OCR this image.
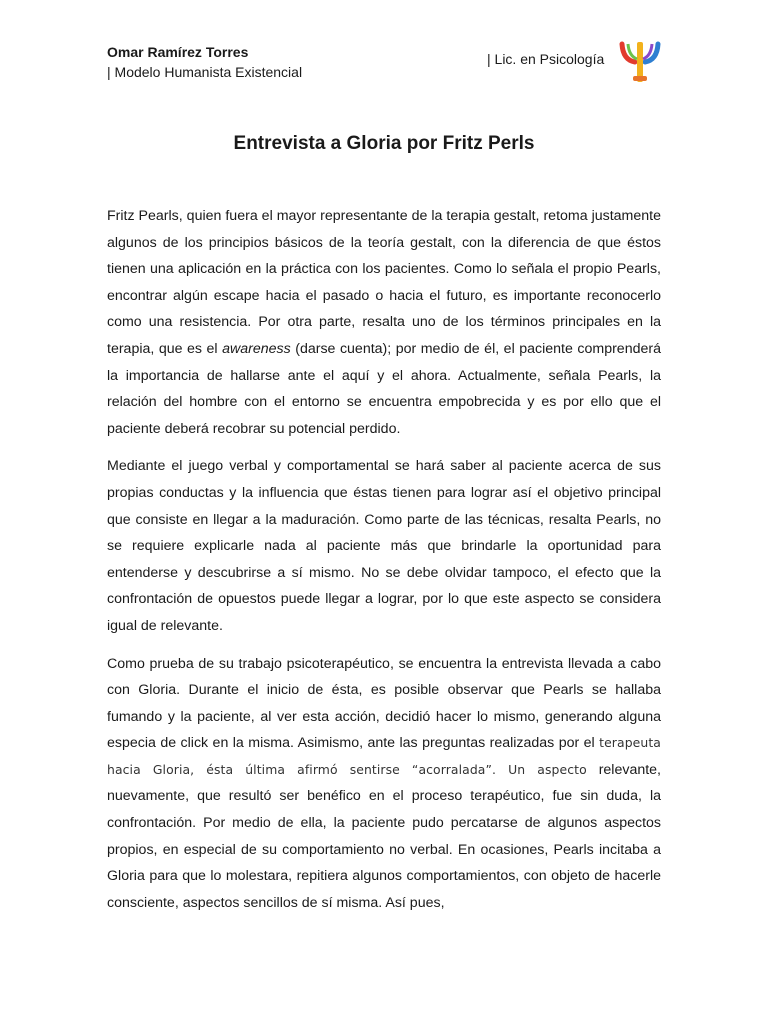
Omar Ramírez Torres
| Modelo Humanista Existencial
| Lic. en Psicología
Entrevista a Gloria por Fritz Perls

Fritz Pearls, quien fuera el mayor representante de la terapia gestalt, retoma justamente algunos de los principios básicos de la teoría gestalt, con la diferencia de que éstos tienen una aplicación en la práctica con los pacientes. Como lo señala el propio Pearls, encontrar algún escape hacia el pasado o hacia el futuro, es importante reconocerlo como una resistencia. Por otra parte, resalta uno de los términos principales en la terapia, que es el awareness (darse cuenta); por medio de él, el paciente comprenderá la importancia de hallarse ante el aquí y el ahora. Actualmente, señala Pearls, la relación del hombre con el entorno se encuentra empobrecida y es por ello que el paciente deberá recobrar su potencial perdido.

Mediante el juego verbal y comportamental se hará saber al paciente acerca de sus propias conductas y la influencia que éstas tienen para lograr así el objetivo principal que consiste en llegar a la maduración. Como parte de las técnicas, resalta Pearls, no se requiere explicarle nada al paciente más que brindarle la oportunidad para entenderse y descubrirse a sí mismo. No se debe olvidar tampoco, el efecto que la confrontación de opuestos puede llegar a lograr, por lo que este aspecto se considera igual de relevante.

Como prueba de su trabajo psicoterapéutico, se encuentra la entrevista llevada a cabo con Gloria. Durante el inicio de ésta, es posible observar que Pearls se hallaba fumando y la paciente, al ver esta acción, decidió hacer lo mismo, generando alguna especia de click en la misma. Asimismo, ante las preguntas realizadas por el terapeuta hacia Gloria, ésta última afirmó sentirse “acorralada”. Un aspecto relevante, nuevamente, que resultó ser benéfico en el proceso terapéutico, fue sin duda, la confrontación. Por medio de ella, la paciente pudo percatarse de algunos aspectos propios, en especial de su comportamiento no verbal. En ocasiones, Pearls incitaba a Gloria para que lo molestara, repitiera algunos comportamientos, con objeto de hacerle consciente, aspectos sencillos de sí misma. Así pues,
